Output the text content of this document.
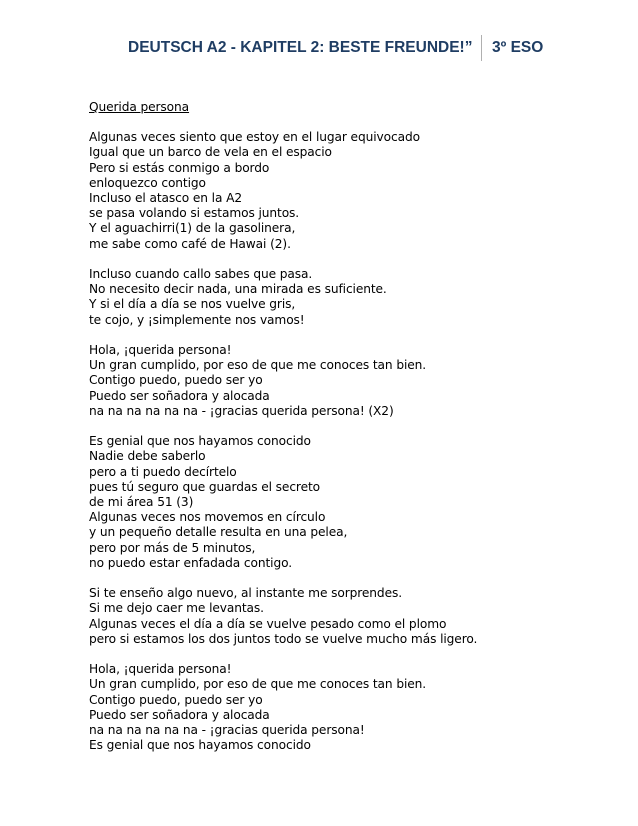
DEUTSCH A2 - KAPITEL 2: BESTE FREUNDE!” 3º ESO
Querida persona
Algunas veces siento que estoy en el lugar equivocado
Igual que un barco de vela en el espacio
Pero si estás conmigo a bordo
enloquezco contigo
Incluso el atasco en la A2
se pasa volando si estamos juntos.
Y el aguachirri(1) de la gasolinera,
me sabe como café de Hawai (2).
Incluso cuando callo sabes que pasa.
No necesito decir nada, una mirada es suficiente.
Y si el día a día se nos vuelve gris,
te cojo, y ¡simplemente nos vamos!
Hola, ¡querida persona!
Un gran cumplido, por eso de que me conoces tan bien.
Contigo puedo, puedo ser yo
Puedo ser soñadora y alocada
na na na na na na - ¡gracias querida persona! (X2)
Es genial que nos hayamos conocido
Nadie debe saberlo
pero a ti puedo decírtelo
pues tú seguro que guardas el secreto
de mi área 51 (3)
Algunas veces nos movemos en círculo
y un pequeño detalle resulta en una pelea,
pero por más de 5 minutos,
no puedo estar enfadada contigo.
Si te enseño algo nuevo, al instante me sorprendes.
Si me dejo caer me levantas.
Algunas veces el día a día se vuelve pesado como el plomo
pero si estamos los dos juntos todo se vuelve mucho más ligero.
Hola, ¡querida persona!
Un gran cumplido, por eso de que me conoces tan bien.
Contigo puedo, puedo ser yo
Puedo ser soñadora y alocada
na na na na na na - ¡gracias querida persona!
Es genial que nos hayamos conocido
